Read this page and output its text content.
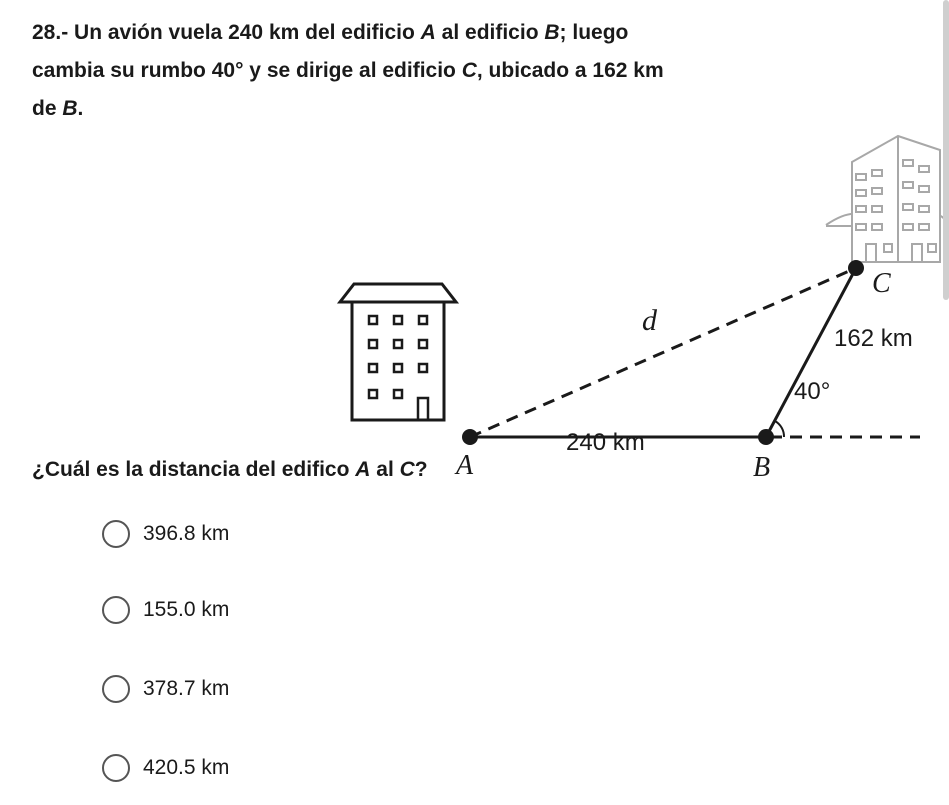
28.- Un avión vuela 240 km del edificio A al edificio B; luego cambia su rumbo 40° y se dirige al edificio C, ubicado a 162 km de B.
A	B
C
d
240 km
162 km
40°
¿Cuál es la distancia del edifico A al C?
396.8 km
155.0 km
378.7 km
420.5 km
